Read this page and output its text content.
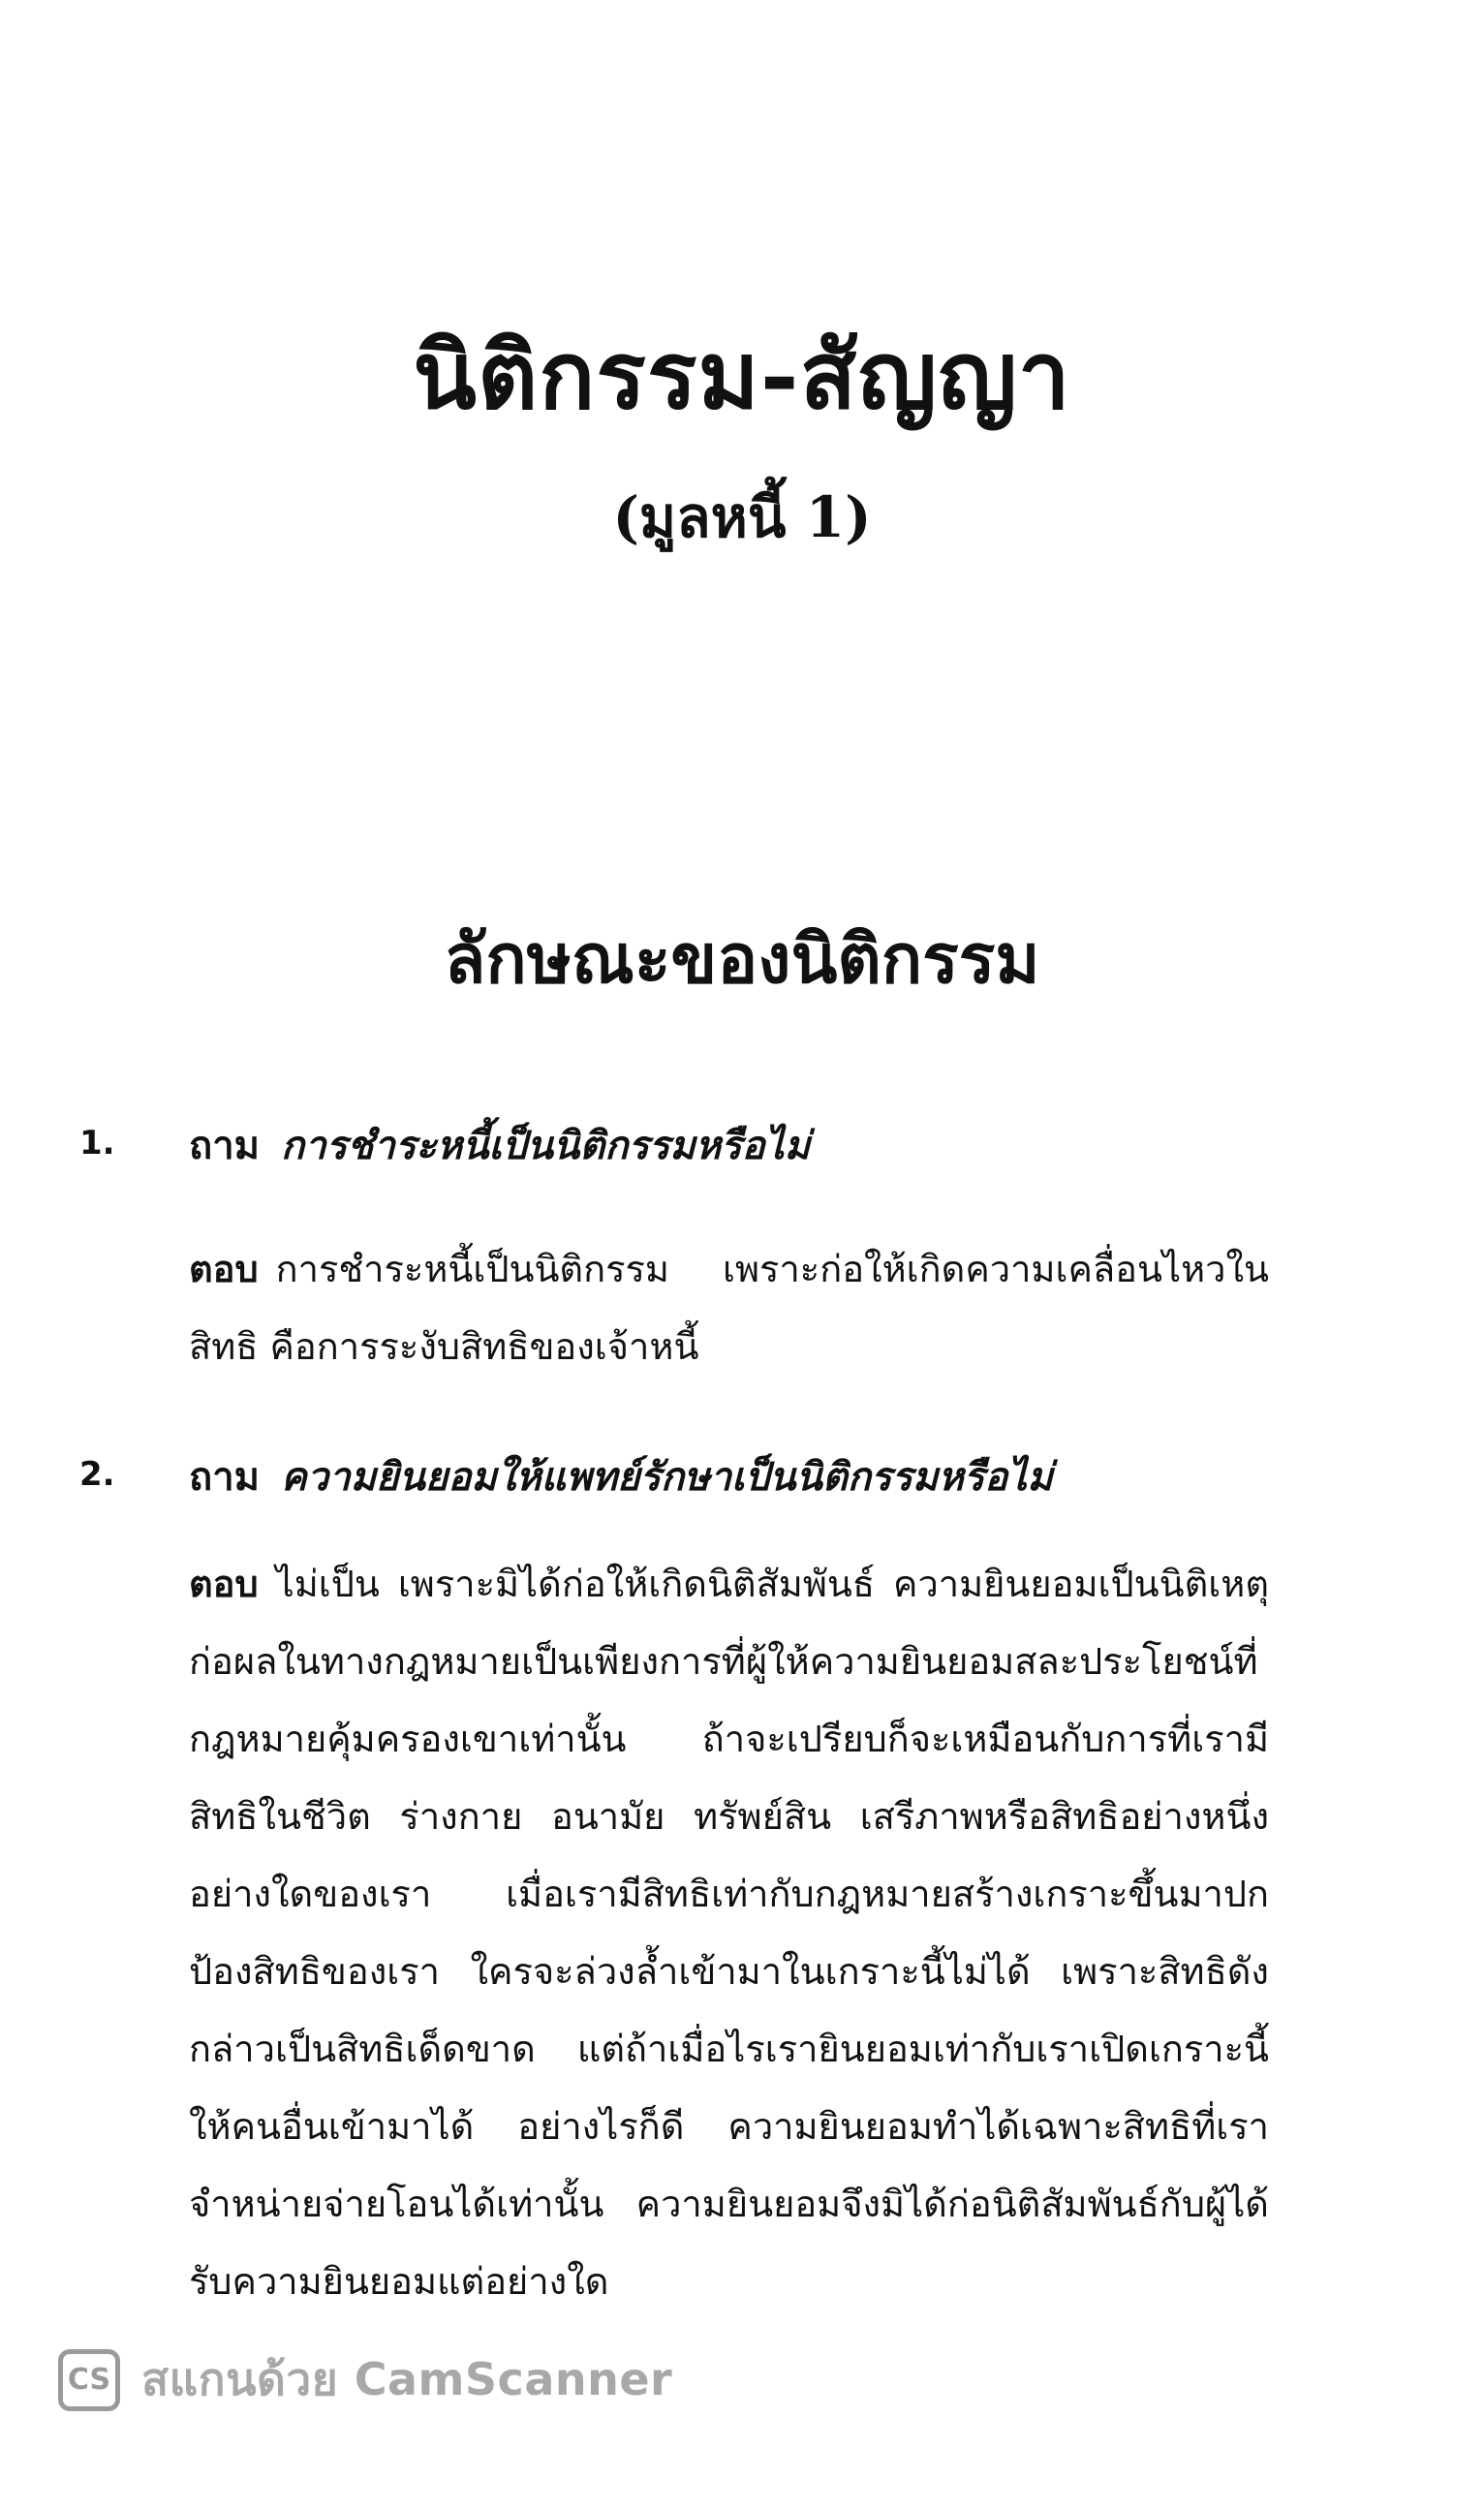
นิติกรรม-สัญญา
(มูลหนี้ 1)
ลักษณะของนิติกรรม
1. ถาม การชำระหนี้เป็นนิติกรรมหรือไม่
ตอบ การชำระหนี้เป็นนิติกรรม เพราะก่อให้เกิดความเคลื่อนไหวในสิทธิ คือการระงับสิทธิของเจ้าหนี้
2. ถาม ความยินยอมให้แพทย์รักษาเป็นนิติกรรมหรือไม่
ตอบ ไม่เป็น เพราะมิได้ก่อให้เกิดนิติสัมพันธ์ ความยินยอมเป็นนิติเหตุ ก่อผลในทางกฎหมายเป็นเพียงการที่ผู้ให้ความยินยอมสละประโยชน์ที่กฎหมายคุ้มครองเขาเท่านั้น ถ้าจะเปรียบก็จะเหมือนกับการที่เรามีสิทธิในชีวิต ร่างกาย อนามัย ทรัพย์สิน เสรีภาพหรือสิทธิอย่างหนึ่งอย่างใดของเรา เมื่อเรามีสิทธิเท่ากับกฎหมายสร้างเกราะขึ้นมาปกป้องสิทธิของเรา ใครจะล่วงล้ำเข้ามาในเกราะนี้ไม่ได้ เพราะสิทธิดังกล่าวเป็นสิทธิเด็ดขาด แต่ถ้าเมื่อไรเรายินยอมเท่ากับเราเปิดเกราะนี้ให้คนอื่นเข้ามาได้ อย่างไรก็ดี ความยินยอมทำได้เฉพาะสิทธิที่เราจำหน่ายจ่ายโอนได้เท่านั้น ความยินยอมจึงมิได้ก่อนิติสัมพันธ์กับผู้ได้รับความยินยอมแต่อย่างใด
CS สแกนด้วย CamScanner
